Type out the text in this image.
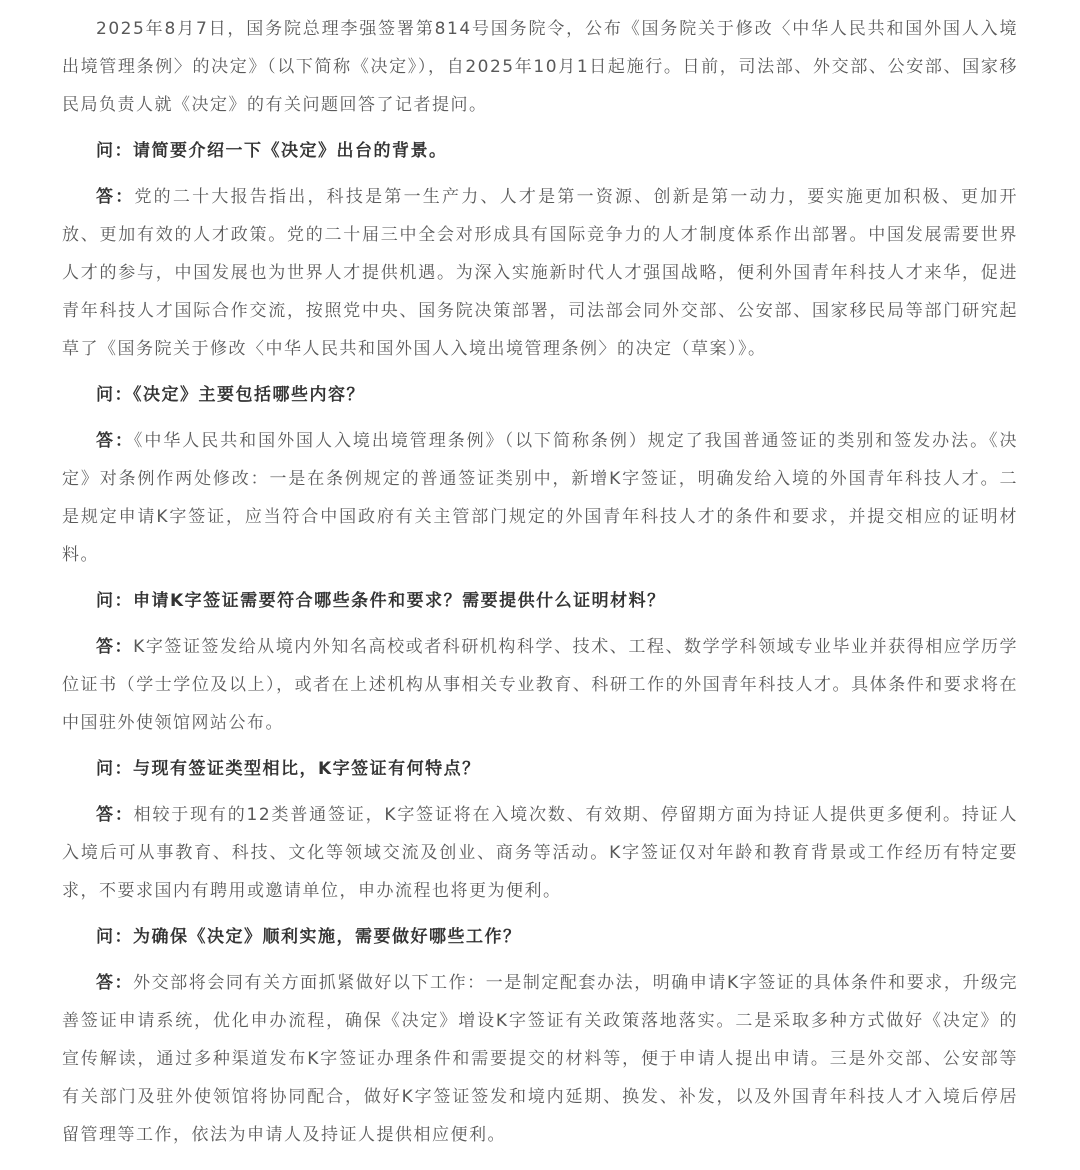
2025年8月7日，国务院总理李强签署第814号国务院令，公布《国务院关于修改〈中华人民共和国外国人入境出境管理条例〉的决定》（以下简称《决定》），自2025年10月1日起施行。日前，司法部、外交部、公安部、国家移民局负责人就《决定》的有关问题回答了记者提问。

问：请简要介绍一下《决定》出台的背景。

答：党的二十大报告指出，科技是第一生产力、人才是第一资源、创新是第一动力，要实施更加积极、更加开放、更加有效的人才政策。党的二十届三中全会对形成具有国际竞争力的人才制度体系作出部署。中国发展需要世界人才的参与，中国发展也为世界人才提供机遇。为深入实施新时代人才强国战略，便利外国青年科技人才来华，促进青年科技人才国际合作交流，按照党中央、国务院决策部署，司法部会同外交部、公安部、国家移民局等部门研究起草了《国务院关于修改〈中华人民共和国外国人入境出境管理条例〉的决定（草案）》。

问：《决定》主要包括哪些内容？

答：《中华人民共和国外国人入境出境管理条例》（以下简称条例）规定了我国普通签证的类别和签发办法。《决定》对条例作两处修改：一是在条例规定的普通签证类别中，新增K字签证，明确发给入境的外国青年科技人才。二是规定申请K字签证，应当符合中国政府有关主管部门规定的外国青年科技人才的条件和要求，并提交相应的证明材料。

问：申请K字签证需要符合哪些条件和要求？需要提供什么证明材料？

答：K字签证签发给从境内外知名高校或者科研机构科学、技术、工程、数学学科领域专业毕业并获得相应学历学位证书（学士学位及以上），或者在上述机构从事相关专业教育、科研工作的外国青年科技人才。具体条件和要求将在中国驻外使领馆网站公布。

问：与现有签证类型相比，K字签证有何特点？

答：相较于现有的12类普通签证，K字签证将在入境次数、有效期、停留期方面为持证人提供更多便利。持证人入境后可从事教育、科技、文化等领域交流及创业、商务等活动。K字签证仅对年龄和教育背景或工作经历有特定要求，不要求国内有聘用或邀请单位，申办流程也将更为便利。

问：为确保《决定》顺利实施，需要做好哪些工作？

答：外交部将会同有关方面抓紧做好以下工作：一是制定配套办法，明确申请K字签证的具体条件和要求，升级完善签证申请系统，优化申办流程，确保《决定》增设K字签证有关政策落地落实。二是采取多种方式做好《决定》的宣传解读，通过多种渠道发布K字签证办理条件和需要提交的材料等，便于申请人提出申请。三是外交部、公安部等有关部门及驻外使领馆将协同配合，做好K字签证签发和境内延期、换发、补发，以及外国青年科技人才入境后停居留管理等工作，依法为申请人及持证人提供相应便利。
